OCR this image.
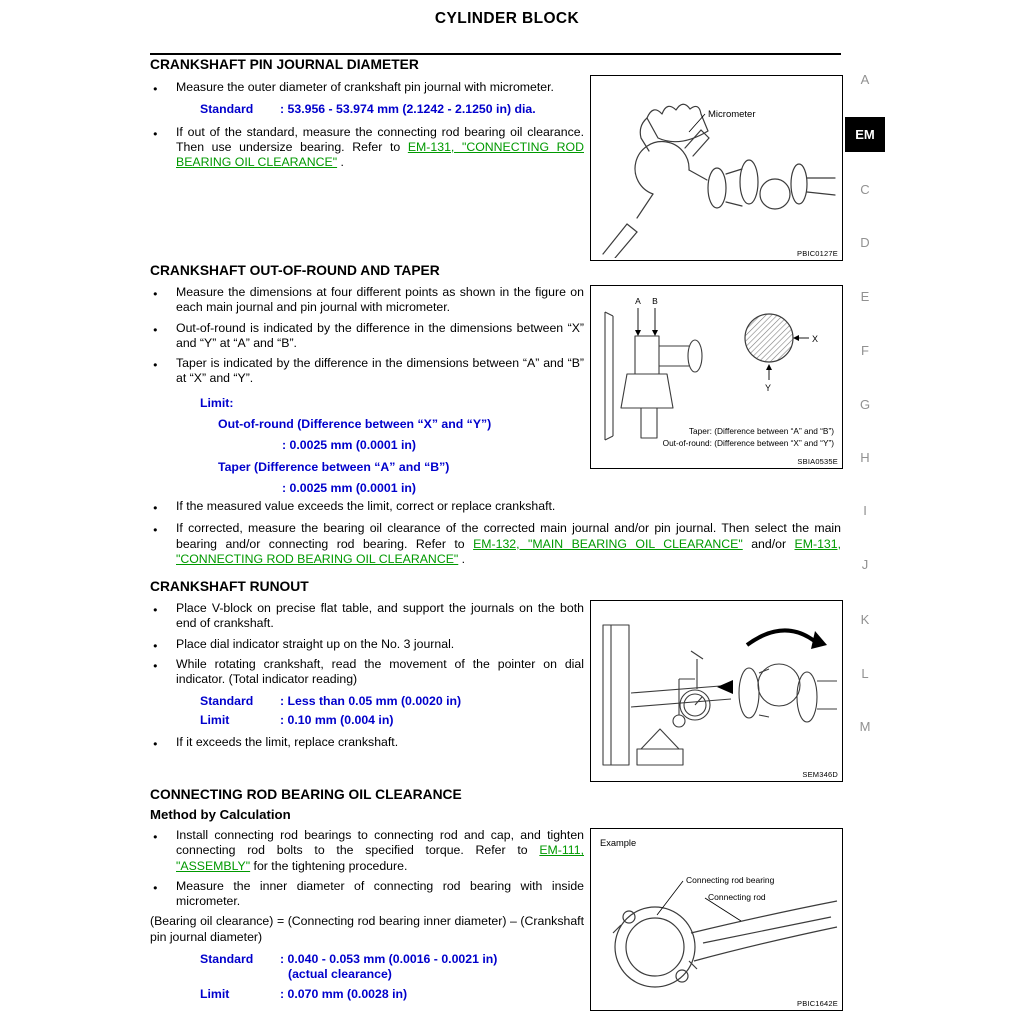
CYLINDER BLOCK
CRANKSHAFT PIN JOURNAL DIAMETER
●
Measure the outer diameter of crankshaft pin journal with micrometer.
Standard	: 53.956 - 53.974 mm (2.1242 - 2.1250 in) dia.
●
If out of the standard, measure the connecting rod bearing oil clearance. Then use undersize bearing. Refer to EM-131, "CONNECTING ROD BEARING OIL CLEARANCE" .
Micrometer
PBIC0127E
CRANKSHAFT OUT-OF-ROUND AND TAPER
●
Measure the dimensions at four different points as shown in the figure on each main journal and pin journal with micrometer.
●
Out-of-round is indicated by the difference in the dimensions between “X” and “Y” at “A” and “B”.
●
Taper is indicated by the difference in the dimensions between “A” and “B” at “X” and “Y”.
Limit:
Out-of-round (Difference between “X” and “Y”)
: 0.0025 mm (0.0001 in)
Taper (Difference between “A” and “B”)
: 0.0025 mm (0.0001 in)
●
If the measured value exceeds the limit, correct or replace crankshaft.
●
If corrected, measure the bearing oil clearance of the corrected main journal and/or pin journal. Then select the main bearing and/or connecting rod bearing. Refer to EM-132, "MAIN BEARING OIL CLEARANCE" and/or EM-131, "CONNECTING ROD BEARING OIL CLEARANCE" .
A B
X
Y
Taper: (Difference between “A” and “B”)
Out-of-round: (Difference between “X” and “Y”)
SBIA0535E
CRANKSHAFT RUNOUT
●
Place V-block on precise flat table, and support the journals on the both end of crankshaft.
●
Place dial indicator straight up on the No. 3 journal.
●
While rotating crankshaft, read the movement of the pointer on dial indicator. (Total indicator reading)
Standard	: Less than 0.05 mm (0.0020 in)
Limit	: 0.10 mm (0.004 in)
●
If it exceeds the limit, replace crankshaft.
SEM346D
CONNECTING ROD BEARING OIL CLEARANCE
Method by Calculation
●
Install connecting rod bearings to connecting rod and cap, and tighten connecting rod bolts to the specified torque. Refer to EM-111, "ASSEMBLY" for the tightening procedure.
●
Measure the inner diameter of connecting rod bearing with inside micrometer.
(Bearing oil clearance) = (Connecting rod bearing inner diameter) – (Crankshaft pin journal diameter)
Standard	: 0.040 - 0.053 mm (0.0016 - 0.0021 in)
(actual clearance)
Limit	: 0.070 mm (0.0028 in)
Example
Connecting rod bearing
Connecting rod
PBIC1642E
A
EM
C
D
E
F
G
H
I
J
K
L
M
